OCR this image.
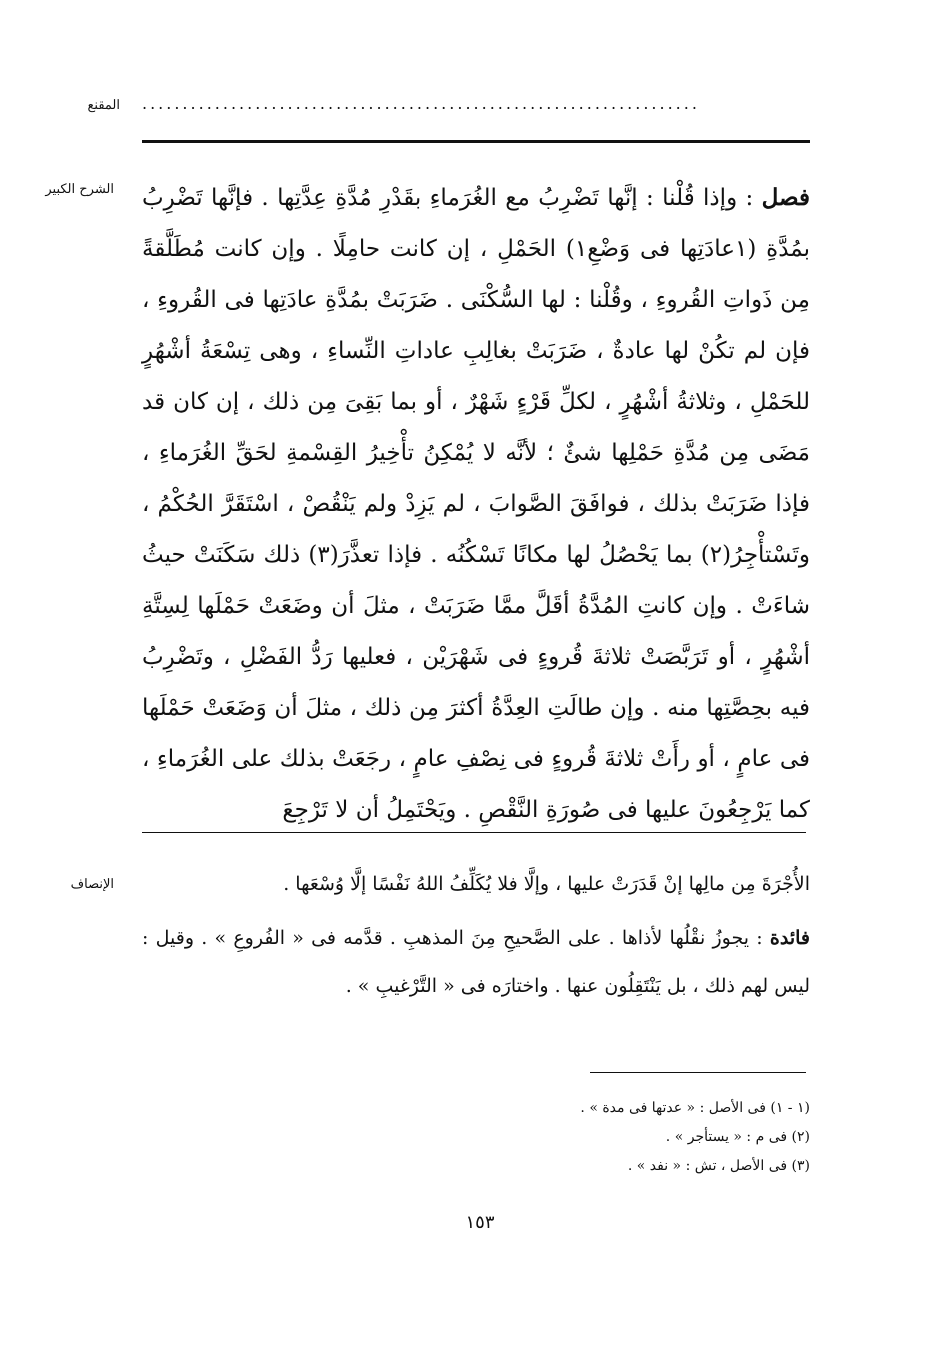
المقنع .....................................................................
الشرح الكبير	فصل : وإذا قُلْنا : إنَّها تَضْرِبُ مع الغُرَماءِ بقَدْرِ مُدَّةِ عِدَّتِها . فإنَّها تَضْرِبُ بمُدَّةِ (١عادَتِها فى وَضْعِ١) الحَمْلِ ، إن كانت حامِلًا . وإن كانت مُطَلَّقةً مِن ذَواتِ القُروءِ ، وقُلْنا : لها السُّكْنَى . ضَرَبَتْ بمُدَّةِ عادَتِها فى القُروءِ ، فإن لم تكُنْ لها عادةٌ ، ضَرَبَتْ بغالِبِ عاداتِ النِّساءِ ، وهى تِسْعَةُ أشْهُرٍ للحَمْلِ ، وثلاثةُ أشْهُرٍ ، لكلِّ قَرْءٍ شَهْرٌ ، أو بما بَقِىَ مِن ذلك ، إن كان قد مَضَى مِن مُدَّةِ حَمْلِها شئٌ ؛ لأنَّه لا يُمْكِنُ تأْخِيرُ القِسْمةِ لحَقِّ الغُرَماءِ ، فإذا ضَرَبَتْ بذلك ، فوافَقَ الصَّوابَ ، لم يَزِدْ ولم يَنْقُصْ ، اسْتَقَرَّ الحُكْمُ ، وتَسْتأْجِرُ(٢) بما يَحْصُلُ لها مكانًا تَسْكُنُه . فإذا تعذَّرَ(٣) ذلك سَكَنَتْ حيثُ شاءَتْ . وإن كانتِ المُدَّةُ أقَلَّ ممَّا ضَرَبَتْ ، مثلَ أن وضَعَتْ حَمْلَها لِسِتَّةِ أشْهُرٍ ، أو تَرَبَّصَتْ ثلاثةَ قُروءٍ فى شَهْرَيْن ، فعليها رَدُّ الفَضْلِ ، وتَضْرِبُ فيه بحِصَّتِها منه . وإن طالَتِ العِدَّةُ أكثرَ مِن ذلك ، مثلَ أن وَضَعَتْ حَمْلَها فى عامٍ ، أو رأَتْ ثلاثةَ قُروءٍ فى نِصْفِ عامٍ ، رجَعَتْ بذلك على الغُرَماءِ ، كما يَرْجِعُونَ عليها فى صُورَةِ النَّقْصِ . ويَحْتَمِلُ أن لا تَرْجِعَ

الإنصاف	الأُجْرَةَ مِن مالِها إنْ قَدَرَتْ عليها ، وإلَّا فلا يُكَلِّفُ اللهُ نَفْسًا إلَّا وُسْعَها .

فائدة : يجوزُ نقْلُها لأذاها . على الصَّحيحِ مِنَ المذهبِ . قدَّمه فى « الفُروعِ » . وقيل : ليس لهم ذلك ، بل يَنْتَقِلُون عنها . واختارَه فى « التَّرْغيبِ » .

(١ - ١) فى الأصل : « عدتها فى مدة » .
(٢) فى م : « يستأجر » .
(٣) فى الأصل ، تش : « نفد » .
١٥٣
